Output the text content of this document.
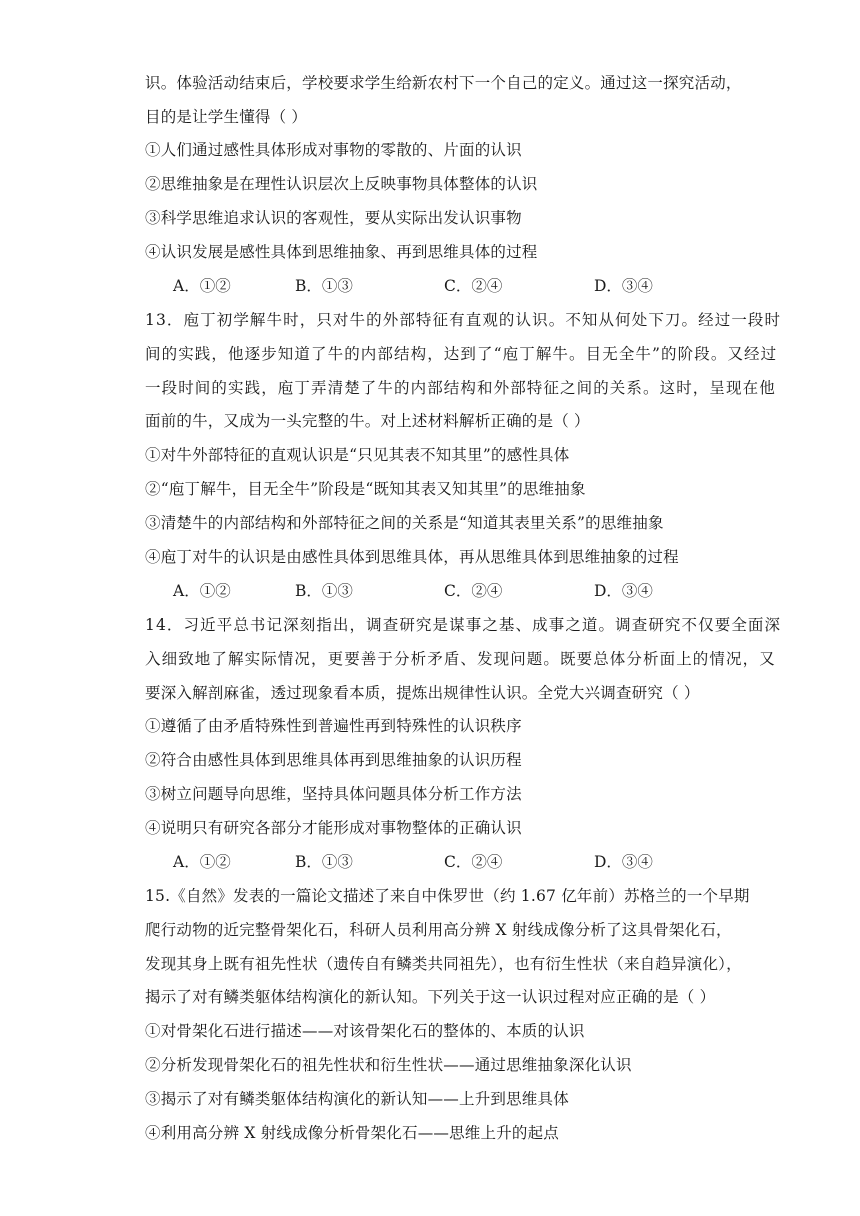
识。体验活动结束后，学校要求学生给新农村下一个自己的定义。通过这一探究活动，
目的是让学生懂得（ ）
①人们通过感性具体形成对事物的零散的、片面的认识
②思维抽象是在理性认识层次上反映事物具体整体的认识
③科学思维追求认识的客观性，要从实际出发认识事物
④认识发展是感性具体到思维抽象、再到思维具体的过程
A．①②	B．①③	C．②④	D．③④
13．庖丁初学解牛时，只对牛的外部特征有直观的认识。不知从何处下刀。经过一段时
间的实践，他逐步知道了牛的内部结构，达到了“庖丁解牛。目无全牛”的阶段。又经过
一段时间的实践，庖丁弄清楚了牛的内部结构和外部特征之间的关系。这时，呈现在他
面前的牛，又成为一头完整的牛。对上述材料解析正确的是（ ）
①对牛外部特征的直观认识是“只见其表不知其里”的感性具体
②“庖丁解牛，目无全牛”阶段是“既知其表又知其里”的思维抽象
③清楚牛的内部结构和外部特征之间的关系是“知道其表里关系”的思维抽象
④庖丁对牛的认识是由感性具体到思维具体，再从思维具体到思维抽象的过程
A．①②	B．①③	C．②④	D．③④
14．习近平总书记深刻指出，调查研究是谋事之基、成事之道。调查研究不仅要全面深
入细致地了解实际情况，更要善于分析矛盾、发现问题。既要总体分析面上的情况，又
要深入解剖麻雀，透过现象看本质，提炼出规律性认识。全党大兴调查研究（ ）
①遵循了由矛盾特殊性到普遍性再到特殊性的认识秩序
②符合由感性具体到思维具体再到思维抽象的认识历程
③树立问题导向思维，坚持具体问题具体分析工作方法
④说明只有研究各部分才能形成对事物整体的正确认识
A．①②	B．①③	C．②④	D．③④
15.《自然》发表的一篇论文描述了来自中侏罗世（约 1.67 亿年前）苏格兰的一个早期
爬行动物的近完整骨架化石，科研人员利用高分辨 X 射线成像分析了这具骨架化石，
发现其身上既有祖先性状（遗传自有鳞类共同祖先），也有衍生性状（来自趋异演化），
揭示了对有鳞类躯体结构演化的新认知。下列关于这一认识过程对应正确的是（ ）
①对骨架化石进行描述——对该骨架化石的整体的、本质的认识
②分析发现骨架化石的祖先性状和衍生性状——通过思维抽象深化认识
③揭示了对有鳞类躯体结构演化的新认知——上升到思维具体
④利用高分辨 X 射线成像分析骨架化石——思维上升的起点
